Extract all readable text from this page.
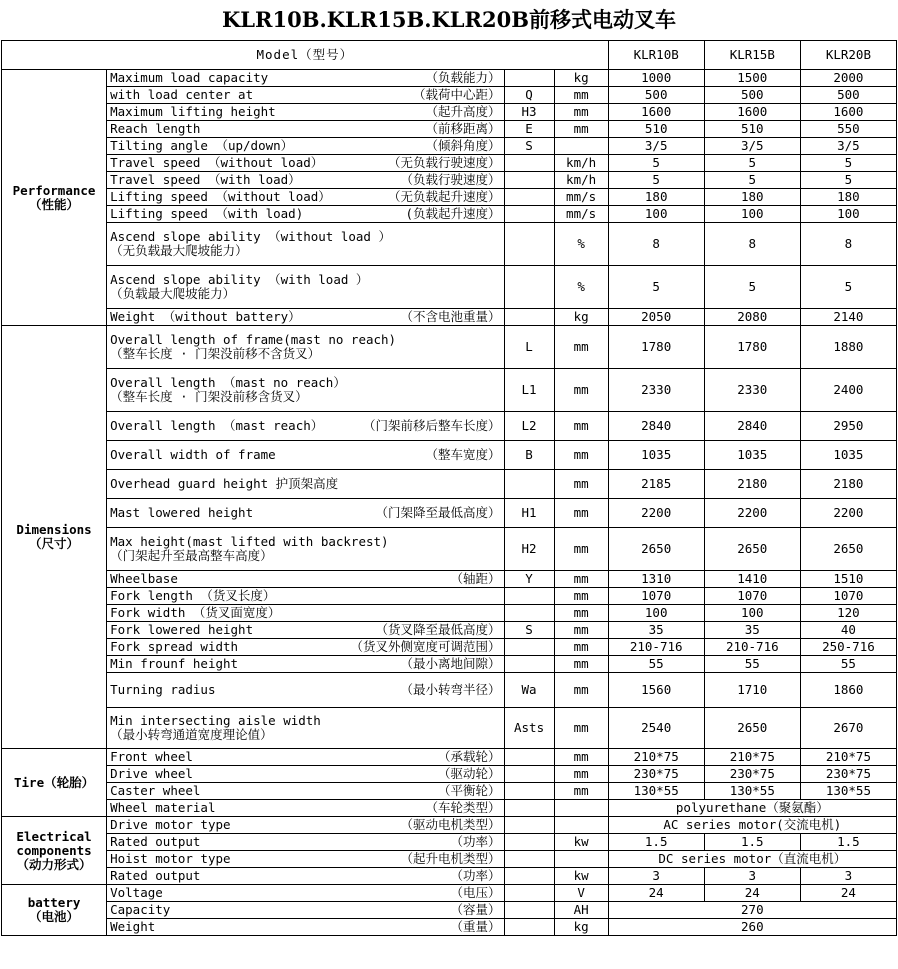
KLR10B.KLR15B.KLR20B前移式电动叉车
Model（型号）				KLR10B	KLR15B	KLR20B

Performance
（性能）

Maximum load capacity	（负载能力）		kg	1000	1500	2000

	with load center at （载荷中心距）	Q	mm	500	500	500

	Maximum lifting height （起升高度）	H3	mm	1600	1600	1600

	Reach length （前移距离）	E	mm	510	510	550

	Tilting angle （up/down） （倾斜角度）	S		3/5	3/5	3/5

	Travel speed （without load） （无负载行驶速度）		km/h	5	5	5

	Travel speed （with load） （负载行驶速度）		km/h	5	5	5

	Lifting speed （without load） （无负载起升速度）		mm/s	180	180	180

	Lifting speed （with load) (负载起升速度）		mm/s	100	100	100

	Ascend slope ability （without load ）
（无负载最大爬坡能力）		%	8	8	8

	Ascend slope ability （with load ）
（负载最大爬坡能力）		%	5	5	5

	Weight （without battery） （不含电池重量）		kg	2050	2080	2140

Dimensions
（尺寸）

Overall length of frame(mast no reach)
（整车长度 · 门架没前移不含货叉）	L	mm	1780	1780	1880

	Overall length （mast no reach）
（整车长度 · 门架没前移含货叉）	L1	mm	2330	2330	2400

	Overall length （mast reach） （门架前移后整车长度）	L2	mm	2840	2840	2950

	Overall width of frame （整车宽度）	B	mm	1035	1035	1035

	Overhead guard height 护顶架高度		mm	2185	2180	2180

	Mast lowered height （门架降至最低高度）	H1	mm	2200	2200	2200

	Max height(mast lifted with backrest)
（门架起升至最高整车高度）	H2	mm	2650	2650	2650

	Wheelbase （轴距）	Y	mm	1310	1410	1510

	Fork length （货叉长度）		mm	1070	1070	1070

	Fork width （货叉面宽度）		mm	100	100	120

	Fork lowered height （货叉降至最低高度）	S	mm	35	35	40

	Fork spread width （货叉外侧宽度可调范围）		mm	210-716	210-716	250-716

	Min frounf height （最小离地间隙）		mm	55	55	55

	Turning radius （最小转弯半径）	Wa	mm	1560	1710	1860

	Min intersecting aisle width
（最小转弯通道宽度理论值）	Asts	mm	2540	2650	2670
Tire（轮胎）	Front wheel （承载轮）		mm	210*75	210*75	210*75

	Drive wheel （驱动轮）		mm	230*75	230*75	230*75

	Caster wheel （平衡轮）		mm	130*55	130*55	130*55

	Wheel material （车轮类型）			polyurethane（聚氨酯）		

Electrical
components
（动力形式）

Drive motor type	（驱动电机类型）			AC series motor(交流电机)

	Rated output （功率）		kw	1.5	1.5	1.5

	Hoist motor type （起升电机类型）			DC series motor（直流电机）		

	Rated output （功率）		kw	3	3	3

battery
（电池）

Voltage	（电压）		V	24	24	24

	Capacity （容量）		AH	270		

	Weight （重量）		kg	260		
